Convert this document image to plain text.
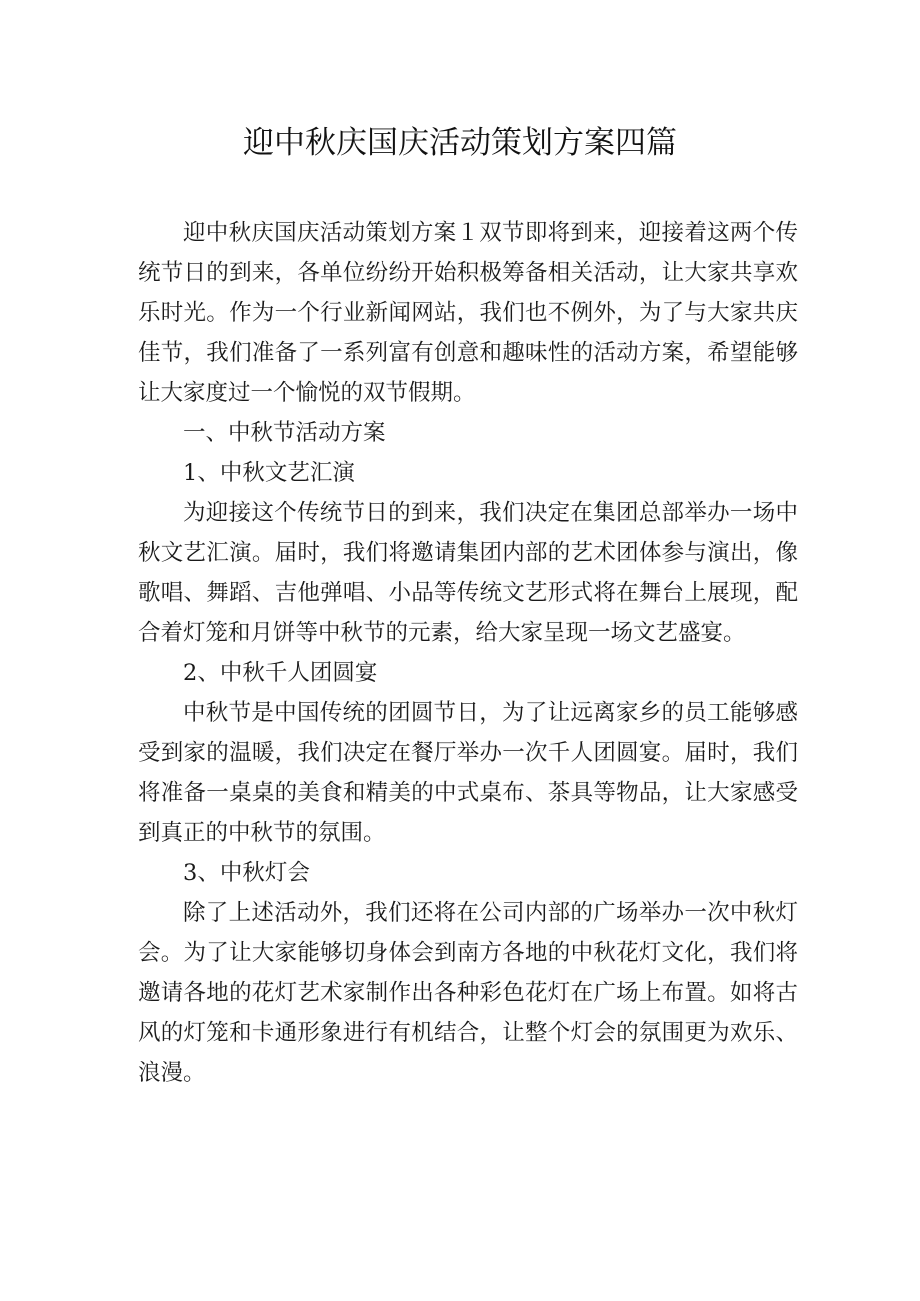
迎中秋庆国庆活动策划方案四篇

迎中秋庆国庆活动策划方案１双节即将到来，迎接着这两个传统节日的到来，各单位纷纷开始积极筹备相关活动，让大家共享欢乐时光。作为一个行业新闻网站，我们也不例外，为了与大家共庆佳节，我们准备了一系列富有创意和趣味性的活动方案，希望能够让大家度过一个愉悦的双节假期。

一、中秋节活动方案

1、中秋文艺汇演

为迎接这个传统节日的到来，我们决定在集团总部举办一场中秋文艺汇演。届时，我们将邀请集团内部的艺术团体参与演出，像歌唱、舞蹈、吉他弹唱、小品等传统文艺形式将在舞台上展现，配合着灯笼和月饼等中秋节的元素，给大家呈现一场文艺盛宴。

2、中秋千人团圆宴

中秋节是中国传统的团圆节日，为了让远离家乡的员工能够感受到家的温暖，我们决定在餐厅举办一次千人团圆宴。届时，我们将准备一桌桌的美食和精美的中式桌布、茶具等物品，让大家感受到真正的中秋节的氛围。

3、中秋灯会

除了上述活动外，我们还将在公司内部的广场举办一次中秋灯会。为了让大家能够切身体会到南方各地的中秋花灯文化，我们将邀请各地的花灯艺术家制作出各种彩色花灯在广场上布置。如将古风的灯笼和卡通形象进行有机结合，让整个灯会的氛围更为欢乐、浪漫。
